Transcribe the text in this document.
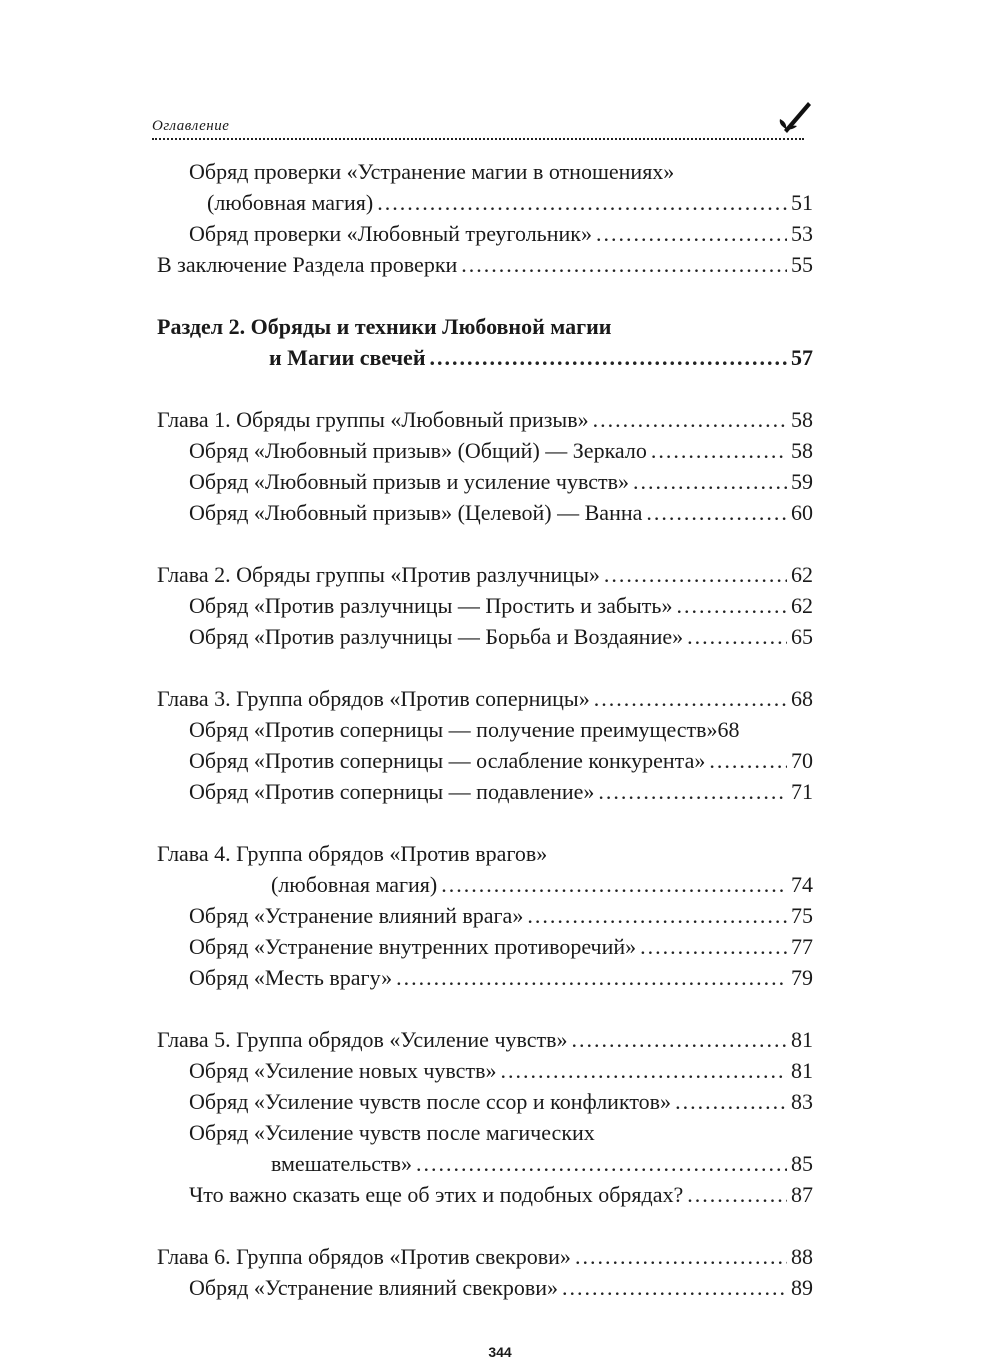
Оглавление
Обряд проверки «Устранение магии в отношениях»
(любовная магия) .....	51
Обряд проверки «Любовный треугольник» .....	53
В заключение Раздела проверки .....	55
Раздел 2. Обряды и техники Любовной магии
и Магии свечей .....	57
Глава 1. Обряды группы «Любовный призыв» .....	58
Обряд «Любовный призыв» (Общий) — Зеркало .....	58
Обряд «Любовный призыв и усиление чувств» .....	59
Обряд «Любовный призыв» (Целевой) — Ванна .....	60
Глава 2. Обряды группы «Против разлучницы» .....	62
Обряд «Против разлучницы — Простить и забыть» .....	62
Обряд «Против разлучницы — Борьба и Воздаяние» .....	65
Глава 3. Группа обрядов «Против соперницы» .....	68
Обряд «Против соперницы — получение преимуществ»68
Обряд «Против соперницы — ослабление конкурента» .....	70
Обряд «Против соперницы — подавление» .....	71
Глава 4. Группа обрядов «Против врагов»
(любовная магия) .....	74
Обряд «Устранение влияний врага» .....	75
Обряд «Устранение внутренних противоречий» .....	77
Обряд «Месть врагу» .....	79
Глава 5. Группа обрядов «Усиление чувств» .....	81
Обряд «Усиление новых чувств» .....	81
Обряд «Усиление чувств после ссор и конфликтов» .....	83
Обряд «Усиление чувств после магических
вмешательств» .....	85
Что важно сказать еще об этих и подобных обрядах? .....	87
Глава 6. Группа обрядов «Против свекрови» .....	88
Обряд «Устранение влияний свекрови» .....	89
344
